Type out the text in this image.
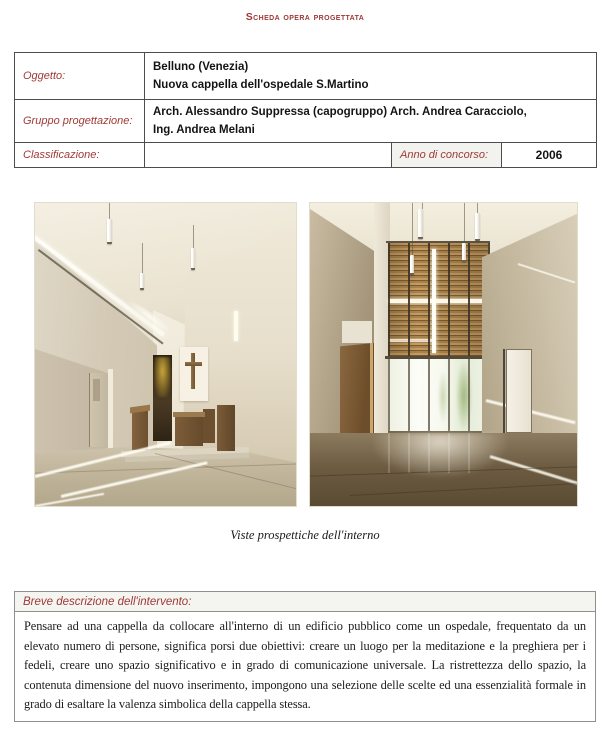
Scheda opera progettata
Oggetto:	Belluno (Venezia)
Nuova cappella dell'ospedale S.Martino		

Gruppo progettazione:	Arch. Alessandro Suppressa (capogruppo) Arch. Andrea Caracciolo,
Ing. Andrea Melani		

Classificazione:		Anno di concorso:	2006
Viste prospettiche dell'interno
Breve descrizione dell'intervento:
Pensare ad una cappella da collocare all'interno di un edificio pubblico come un ospedale, frequentato da un elevato numero di persone, significa porsi due obiettivi: creare un luogo per la meditazione e la preghiera per i fedeli, creare uno spazio significativo e in grado di comunicazione universale. La ristrettezza dello spazio, la contenuta dimensione del nuovo inserimento, impongono una selezione delle scelte ed una essenzialità formale in grado di esaltare la valenza simbolica della cappella stessa.
